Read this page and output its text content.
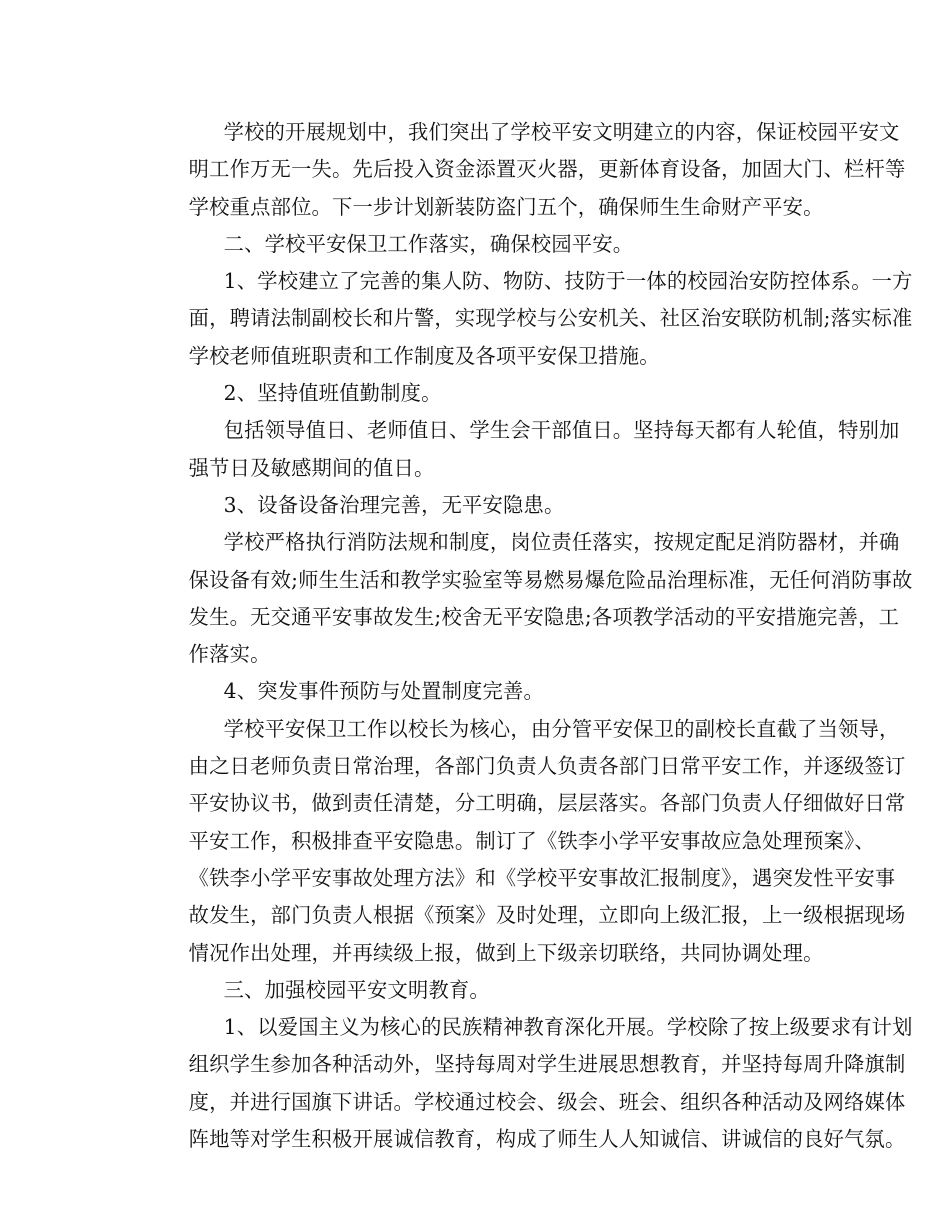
学校的开展规划中，我们突出了学校平安文明建立的内容，保证校园平安文
明工作万无一失。先后投入资金添置灭火器，更新体育设备，加固大门、栏杆等
学校重点部位。下一步计划新装防盗门五个，确保师生生命财产平安。
二、学校平安保卫工作落实，确保校园平安。
1、学校建立了完善的集人防、物防、技防于一体的校园治安防控体系。一方
面，聘请法制副校长和片警，实现学校与公安机关、社区治安联防机制;落实标准
学校老师值班职责和工作制度及各项平安保卫措施。
2、坚持值班值勤制度。
包括领导值日、老师值日、学生会干部值日。坚持每天都有人轮值，特别加
强节日及敏感期间的值日。
3、设备设备治理完善，无平安隐患。
学校严格执行消防法规和制度，岗位责任落实，按规定配足消防器材，并确
保设备有效;师生生活和教学实验室等易燃易爆危险品治理标准，无任何消防事故
发生。无交通平安事故发生;校舍无平安隐患;各项教学活动的平安措施完善，工
作落实。
4、突发事件预防与处置制度完善。
学校平安保卫工作以校长为核心，由分管平安保卫的副校长直截了当领导，
由之日老师负责日常治理，各部门负责人负责各部门日常平安工作，并逐级签订
平安协议书，做到责任清楚，分工明确，层层落实。各部门负责人仔细做好日常
平安工作，积极排查平安隐患。制订了《铁李小学平安事故应急处理预案》、
《铁李小学平安事故处理方法》和《学校平安事故汇报制度》，遇突发性平安事
故发生，部门负责人根据《预案》及时处理，立即向上级汇报，上一级根据现场
情况作出处理，并再续级上报，做到上下级亲切联络，共同协调处理。
三、加强校园平安文明教育。
1、以爱国主义为核心的民族精神教育深化开展。学校除了按上级要求有计划
组织学生参加各种活动外，坚持每周对学生进展思想教育，并坚持每周升降旗制
度，并进行国旗下讲话。学校通过校会、级会、班会、组织各种活动及网络媒体
阵地等对学生积极开展诚信教育，构成了师生人人知诚信、讲诚信的良好气氛。
